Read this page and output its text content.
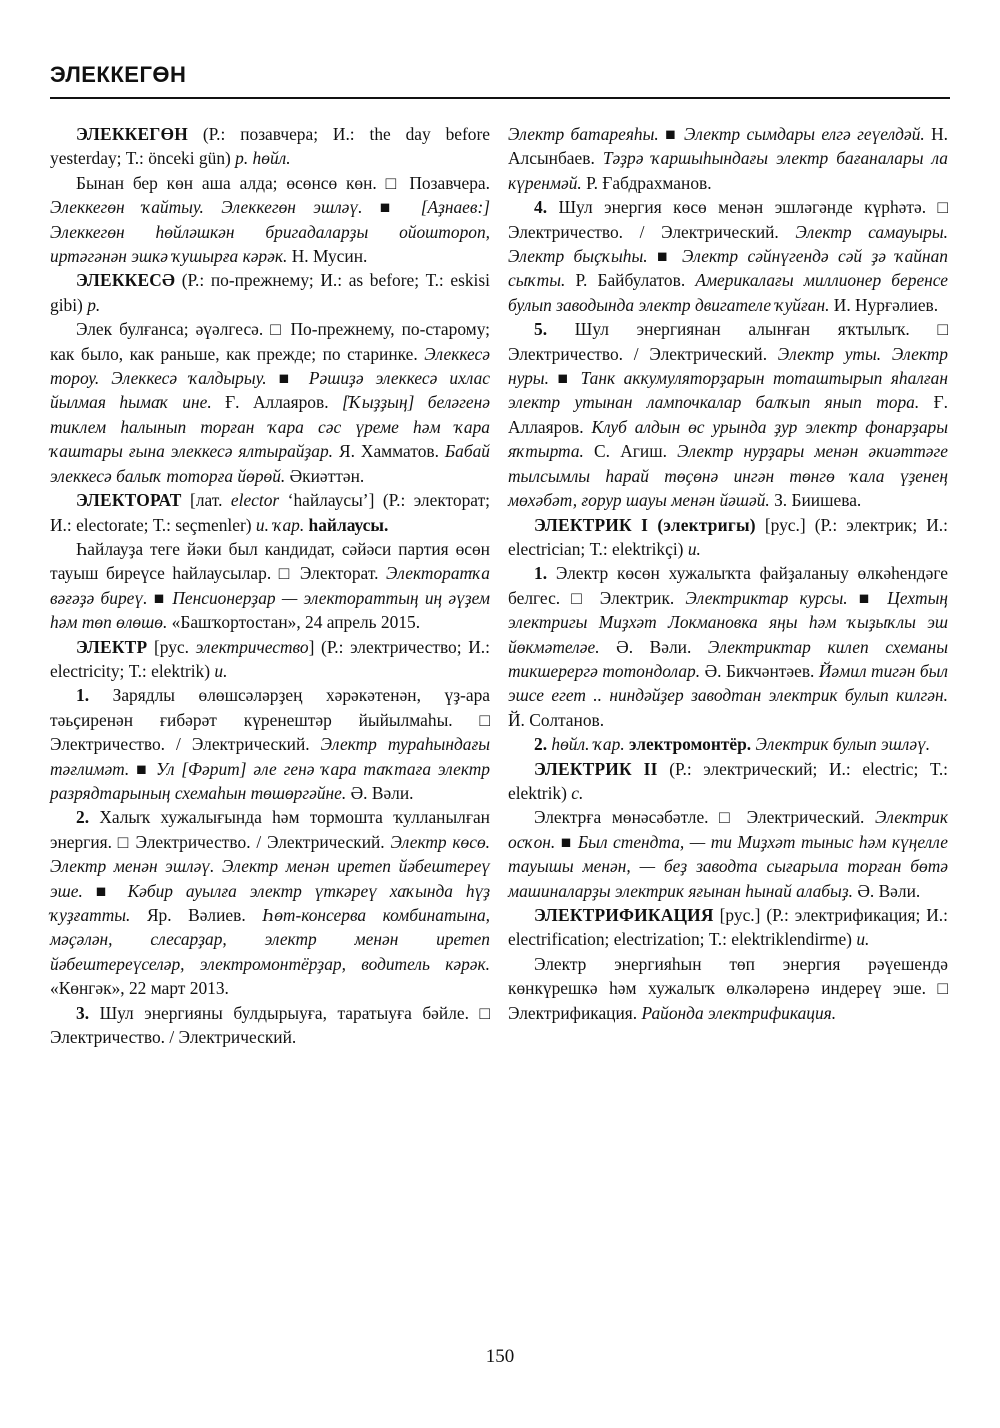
ЭЛЕККЕГӨН

ЭЛЕККЕГӨН (Р.: позавчера; И.: the day before yesterday; Т.: önceki gün) р. һөйл.

Бынан бер көн аша алда; өсөнсө көн. □ Позавчера. Элеккегөн ҡайтыу. Элеккегөн эшләү. ■ [Аҙнаев:] Элеккегөн һөйләшкән бригадаларҙы ойоштороп, иртәгәнән эшкә ҡушырға кәрәк. Н. Мусин.

ЭЛЕККЕСӘ (Р.: по-прежнему; И.: as before; Т.: eskisi gibi) р.

Элек булғанса; әүәлгесә. □ По-прежнему, по-старому; как было, как раньше, как прежде; по старинке. Элеккесә тороу. Элеккесә ҡалдырыу. ■ Рәшиҙә элеккесә ихлас йылмая һымаҡ ине. Ғ. Аллаяров. [Ҡыҙҙың] беләгенә тиклем һалынып торған ҡара сәс үреме һәм ҡара ҡаштары ғына элеккесә ялтырайҙар. Я. Хамматов. Бабай элеккесә балыҡ тоторға йөрөй. Әкиәттән.

ЭЛЕКТОРАТ [лат. elector ‘һайлаусы’] (Р.: электорат; И.: electorate; Т.: seçmenler) и. ҡар. һайлаусы.

Һайлауҙа теге йәки был кандидат, сәйәси партия өсөн тауыш биреүсе һайлаусылар. □ Электорат. Электоратҡа вәғәҙә биреү. ■ Пенсионерҙар — электораттың иң әүҙем һәм төп өлөшө. «Башҡортостан», 24 апрель 2015.

ЭЛЕКТР [рус. электричество] (Р.: электричество; И.: electricity; Т.: elektrik) и.

1. Зарядлы өлөшсәләрҙең хәрәкәтенән, үҙ-ара тәьҫиренән ғибәрәт күренештәр йыйылмаһы. □ Электричество. / Электрический. Электр тураһындағы тәғлимәт. ■ Ул [Фәрит] әле генә ҡара таҡтаға электр разрядтарының схемаһын төшөргәйне. Ә. Вәли.

2. Халыҡ хужалығында һәм тормошта ҡулланылған энергия. □ Электричество. / Электрический. Электр көсө. Электр менән эшләү. Электр менән иретеп йәбештереү эше. ■ Кәбир ауылға электр үткәреү хаҡында һүҙ ҡуҙғатты. Яр. Вәлиев. Һөт-консерва комбинатына, мәҫәлән, слесарҙар, электр менән иретеп йәбештереүселәр, электромонтёрҙар, водитель кәрәк. «Көнгәк», 22 март 2013.

3. Шул энергияны булдырыуға, таратыуға бәйле. □ Электричество. / Электрический.

Электр батареяһы. ■ Электр сымдары елгә геүелдәй. Н. Алсынбаев. Тәҙрә ҡаршыһындағы электр бағаналары ла күренмәй. Р. Ғабдрахманов.

4. Шул энергия көсө менән эшләгәнде күрһәтә. □ Электричество. / Электрический. Электр самауыры. Электр быҫҡыһы. ■ Электр сәйнүгендә сәй ҙә ҡайнап сыҡты. Р. Байбулатов. Америкалағы миллионер беренсе булып заводында электр двигателе ҡуйған. И. Нурғәлиев.

5. Шул энергиянан алынған яҡтылыҡ. □ Электричество. / Электрический. Электр уты. Электр нуры. ■ Танк аккумуляторҙарын тоташтырып яһалған электр утынан лампочкалар балҡып янып тора. Ғ. Аллаяров. Клуб алдын өс урында ҙур электр фонарҙары яҡтырта. С. Агиш. Электр нурҙары менән әкиәттәге тылсымлы һарай төҫөнә ингән төнгө ҡала үҙенең мөхәбәт, ғорур шауы менән йәшәй. З. Биишева.

ЭЛЕКТРИК I (электригы) [рус.] (Р.: электрик; И.: electrician; Т.: elektrikçi) и.

1. Электр көсөн хужалыҡта файҙаланыу өлкәһендәге белгес. □ Электрик. Электриктар курсы. ■ Цехтың электригы Миҙхәт Локмановка яңы һәм ҡыҙыҡлы эш йөкмәтеләе. Ә. Вәли. Электриктар килеп схеманы тикшерергә тотондолар. Ә. Бикчәнтәев. Йәмил тигән был эшсе егет .. ниндәйҙер заводтан электрик булып килгән. Й. Солтанов.

2. һөйл. ҡар. электромонтёр. Электрик булып эшләү.

ЭЛЕКТРИК II (Р.: электрический; И.: electric; Т.: elektrik) с.

Электрға мөнәсәбәтле. □ Электрический. Электрик осҡон. ■ Был стендта, — ти Миҙхәт тыныс һәм күңелле тауышы менән, — беҙ заводта сығарыла торған бөтә машиналарҙы электрик яғынан һынай алабыҙ. Ә. Вәли.

ЭЛЕКТРИФИКАЦИЯ [рус.] (Р.: электрификация; И.: electrification; electrization; Т.: elektriklendirme) и.

Электр энергияһын төп энергия рәүешендә көнкүрешкә һәм хужалыҡ өлкәләренә индереү эше. □ Электрификация. Районда электрификация.

150
